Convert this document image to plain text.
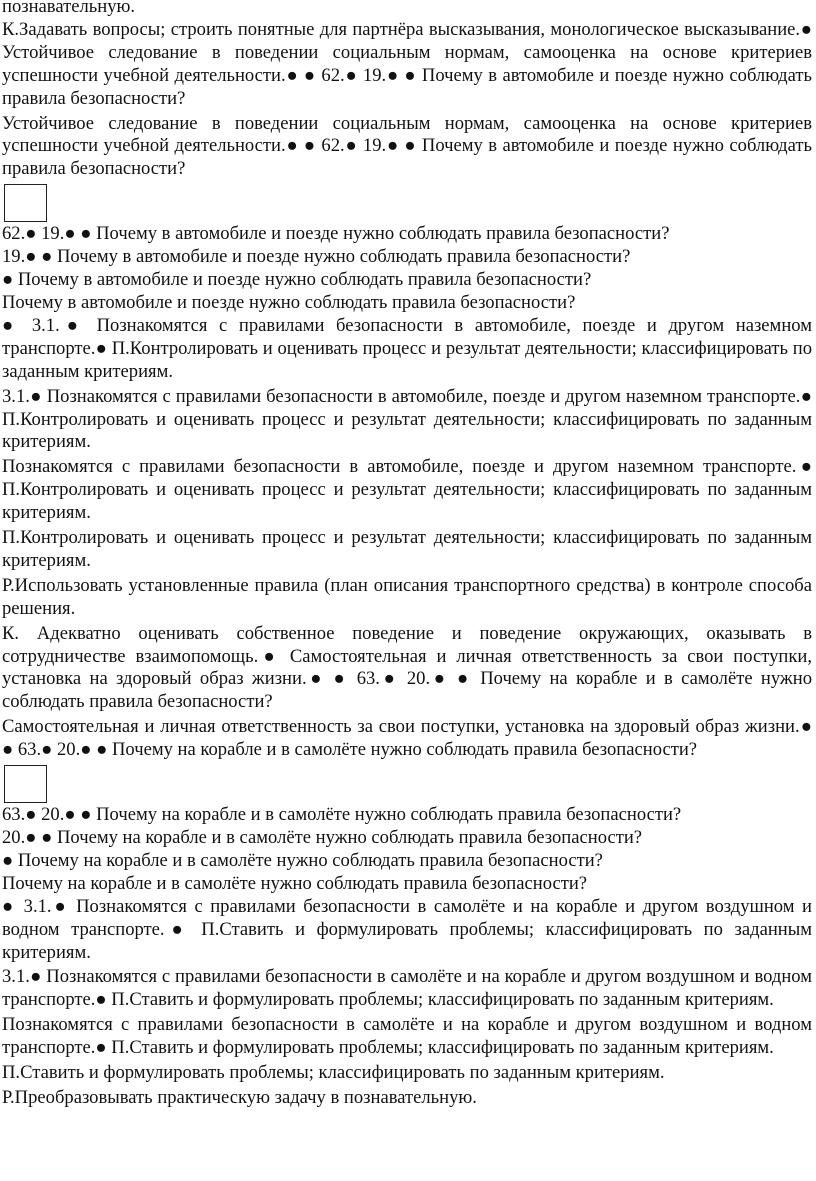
познавательную.

К.Задавать вопросы; строить понятные для партнёра высказывания, монологическое высказывание.● Устойчивое следование в поведении социальным нормам, самооценка на основе критериев успешности учебной деятельности.● ● 62.● 19.● ● Почему в автомобиле и поезде нужно соблюдать правила безопасности?

Устойчивое следование в поведении социальным нормам, самооценка на основе критериев успешности учебной деятельности.● ● 62.● 19.● ● Почему в автомобиле и поезде нужно соблюдать правила безопасности?

62.● 19.● ● Почему в автомобиле и поезде нужно соблюдать правила безопасности?

19.● ● Почему в автомобиле и поезде нужно соблюдать правила безопасности?

● Почему в автомобиле и поезде нужно соблюдать правила безопасности?

Почему в автомобиле и поезде нужно соблюдать правила безопасности?

● 3.1.● Познакомятся с правилами безопасности в автомобиле, поезде и другом наземном транспорте.● П.Контролировать и оценивать процесс и результат деятельности; классифицировать по заданным критериям.

3.1.● Познакомятся с правилами безопасности в автомобиле, поезде и другом наземном транспорте.● П.Контролировать и оценивать процесс и результат деятельности; классифицировать по заданным критериям.

Познакомятся с правилами безопасности в автомобиле, поезде и другом наземном транспорте.● П.Контролировать и оценивать процесс и результат деятельности; классифицировать по заданным критериям.

П.Контролировать и оценивать процесс и результат деятельности; классифицировать по заданным критериям.

Р.Использовать установленные правила (план описания транспортного средства) в контроле способа решения.

К. Адекватно оценивать собственное поведение и поведение окружающих, оказывать в сотрудничестве взаимопомощь.● Самостоятельная и личная ответственность за свои поступки, установка на здоровый образ жизни.● ● 63.● 20.● ● Почему на корабле и в самолёте нужно соблюдать правила безопасности?

Самостоятельная и личная ответственность за свои поступки, установка на здоровый образ жизни.● ● 63.● 20.● ● Почему на корабле и в самолёте нужно соблюдать правила безопасности?

63.● 20.● ● Почему на корабле и в самолёте нужно соблюдать правила безопасности?

20.● ● Почему на корабле и в самолёте нужно соблюдать правила безопасности?

● Почему на корабле и в самолёте нужно соблюдать правила безопасности?

Почему на корабле и в самолёте нужно соблюдать правила безопасности?

● 3.1.● Познакомятся с правилами безопасности в самолёте и на корабле и другом воздушном и водном транспорте.● П.Ставить и формулировать проблемы; классифицировать по заданным критериям.

3.1.● Познакомятся с правилами безопасности в самолёте и на корабле и другом воздушном и водном транспорте.● П.Ставить и формулировать проблемы; классифицировать по заданным критериям.

Познакомятся с правилами безопасности в самолёте и на корабле и другом воздушном и водном транспорте.● П.Ставить и формулировать проблемы; классифицировать по заданным критериям.

П.Ставить и формулировать проблемы; классифицировать по заданным критериям.

Р.Преобразовывать практическую задачу в познавательную.
